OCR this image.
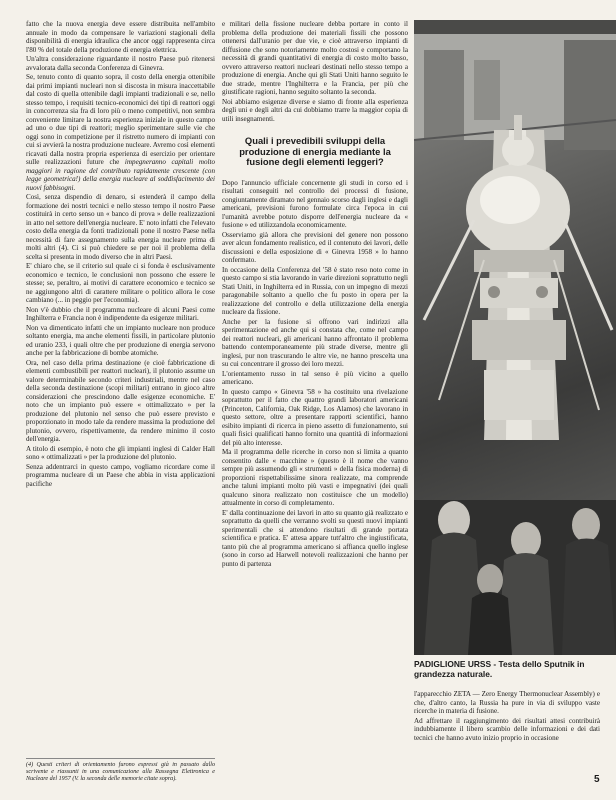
fatto che la nuova energia deve essere distribuita nell'ambito annuale in modo da compensare le variazioni stagionali della disponibilità di energia idraulica che ancor oggi rappresenta circa l'80 % del totale della produzione di energia elettrica.

Un'altra considerazione riguardante il nostro Paese può ritenersi avvalorata dalla seconda Conferenza di Ginevra.

Se, tenuto conto di quanto sopra, il costo della energia ottenibile dai primi impianti nucleari non si discosta in misura inaccettabile dal costo di quella ottenibile dagli impianti tradizionali e se, nello stesso tempo, i requisiti tecnico-economici dei tipi di reattori oggi in concorrenza sia fra di loro più o meno competitivi, non sembra conveniente limitare la nostra esperienza iniziale in questo campo ad uno o due tipi di reattori; meglio sperimentare sulle vie che oggi sono in competizione per il ristretto numero di impianti con cui si avvierà la nostra produzione nucleare. Avremo così elementi ricavati dalla nostra propria esperienza di esercizio per orientare sulle realizzazioni future che impegneranno capitali molto maggiori in ragione del contributo rapidamente crescente (con legge geometrica!) della energia nucleare al soddisfacimento dei nuovi fabbisogni.

Così, senza dispendio di denaro, si estenderà il campo della formazione dei nostri tecnici e nello stesso tempo il nostro Paese costituirà in certo senso un « banco di prova » delle realizzazioni in atto nel settore dell'energia nucleare. E' noto infatti che l'elevato costo della energia da fonti tradizionali pone il nostro Paese nella necessità di fare assegnamento sulla energia nucleare prima di molti altri (4). Ci si può chiedere se per noi il problema della scelta si presenta in modo diverso che in altri Paesi.

E' chiaro che, se il criterio sul quale ci si fonda è esclusivamente economico e tecnico, le conclusioni non possono che essere le stesse; se, peraltro, ai motivi di carattere economico e tecnico se ne aggiungono altri di carattere militare o politico allora le cose cambiano (... in peggio per l'economia).

Non v'è dubbio che il programma nucleare di alcuni Paesi come Inghilterra e Francia non è indipendente da esigenze militari.

Non va dimenticato infatti che un impianto nucleare non produce soltanto energia, ma anche elementi fissili, in particolare plutonio ed uranio 233, i quali oltre che per produzione di energia servono anche per la fabbricazione di bombe atomiche.

Ora, nel caso della prima destinazione (e cioè fabbricazione di elementi combustibili per reattori nucleari), il plutonio assume un valore determinabile secondo criteri industriali, mentre nel caso della seconda destinazione (scopi militari) entrano in gioco altre considerazioni che prescindono dalle esigenze economiche. E' noto che un impianto può essere « ottimalizzato » per la produzione del plutonio nel senso che può essere previsto e proporzionato in modo tale da rendere massima la produzione del plutonio, ovvero, rispettivamente, da rendere minimo il costo dell'energia.

A titolo di esempio, è noto che gli impianti inglesi di Calder Hall sono « ottimalizzati » per la produzione del plutonio.

Senza addentrarci in questo campo, vogliamo ricordare come il programma nucleare di un Paese che abbia in vista applicazioni pacifiche

(4) Questi criteri di orientamento furono espressi già in passato dallo scrivente e riassunti in una comunicazione alla Rassegna Elettronica e Nucleare del 1957 (V. la seconda delle memorie citate sopra).

e militari della fissione nucleare debba portare in conto il problema della produzione dei materiali fissili che possono ottenersi dall'uranio per due vie, e cioè attraverso impianti di diffusione che sono notoriamente molto costosi e comportano la necessità di grandi quantitativi di energia di costo molto basso, ovvero attraverso reattori nucleari destinati nello stesso tempo a produzione di energia. Anche qui gli Stati Uniti hanno seguito le due strade, mentre l'Inghilterra e la Francia, per più che giustificate ragioni, hanno seguito soltanto la seconda.

Noi abbiamo esigenze diverse e siamo di fronte alla esperienza degli uni e degli altri da cui dobbiamo trarre la maggior copia di utili insegnamenti.

Quali i prevedibili sviluppi della produzione di energia mediante la fusione degli elementi leggeri?

Dopo l'annuncio ufficiale concernente gli studi in corso ed i risultati conseguiti nel controllo dei processi di fusione, congiuntamente diramato nel gennaio scorso dagli inglesi e dagli americani, previsioni furono formulate circa l'epoca in cui l'umanità avrebbe potuto disporre dell'energia nucleare da « fusione » ed utilizzandola economicamente.

Osserviamo già allora che previsioni del genere non possono aver alcun fondamento realistico, ed il contenuto dei lavori, delle discussioni e della esposizione di « Ginevra 1958 » lo hanno confermato.

In occasione della Conferenza del '58 è stato reso noto come in questo campo si stia lavorando in varie direzioni soprattutto negli Stati Uniti, in Inghilterra ed in Russia, con un impegno di mezzi paragonabile soltanto a quello che fu posto in opera per la realizzazione del controllo e della utilizzazione della energia nucleare da fissione.

Anche per la fusione si offrono vari indirizzi alla sperimentazione ed anche qui si constata che, come nel campo dei reattori nucleari, gli americani hanno affrontato il problema battendo contemporaneamente più strade diverse, mentre gli inglesi, pur non trascurando le altre vie, ne hanno prescelta una su cui concentrare il grosso dei loro mezzi.

L'orientamento russo in tal senso è più vicino a quello americano.

In questo campo « Ginevra '58 » ha costituito una rivelazione soprattutto per il fatto che quattro grandi laboratori americani (Princeton, California, Oak Ridge, Los Alamos) che lavorano in questo settore, oltre a presentare rapporti scientifici, hanno esibito impianti di ricerca in pieno assetto di funzionamento, sui quali fisici qualificati hanno fornito una quantità di informazioni del più alto interesse.

Ma il programma delle ricerche in corso non si limita a quanto consentito dalle « macchine » (questo è il nome che vanno sempre più assumendo gli « strumenti » della fisica moderna) di proporzioni rispettabilissime sinora realizzate, ma comprende anche taluni impianti molto più vasti e impegnativi (dei quali qualcuno sinora realizzato non costituisce che un modello) attualmente in corso di completamento.

E' dalla continuazione dei lavori in atto su quanto già realizzato e soprattutto da quelli che verranno svolti su questi nuovi impianti sperimentali che si attendono risultati di grande portata scientifica e pratica. E' attesa appare tutt'altro che ingiustificata, tanto più che al programma americano si affianca quello inglese (sono in corso ad Harwell notevoli realizzazioni che hanno per punto di partenza

PADIGLIONE URSS - Testa dello Sputnik in grandezza naturale.

l'apparecchio ZETA — Zero Energy Thermonuclear Assembly) e che, d'altro canto, la Russia ha pure in via di sviluppo vaste ricerche in materia di fusione.

Ad affrettare il raggiungimento dei risultati attesi contribuirà indubbiamente il libero scambio delle informazioni e dei dati tecnici che hanno avuto inizio proprio in occasione

5
